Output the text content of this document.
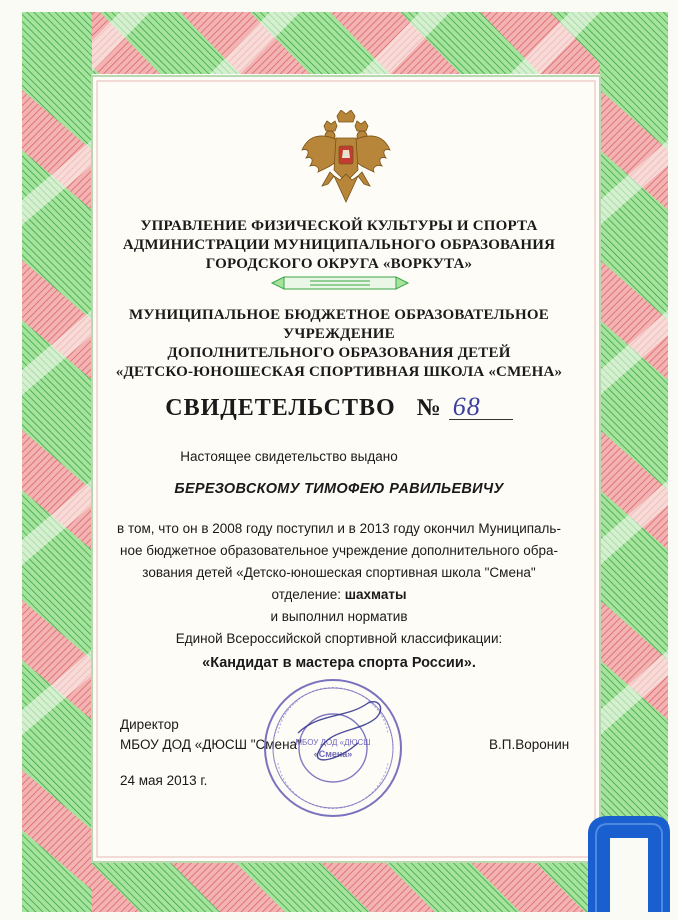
УПРАВЛЕНИЕ ФИЗИЧЕСКОЙ КУЛЬТУРЫ И СПОРТА
АДМИНИСТРАЦИИ МУНИЦИПАЛЬНОГО ОБРАЗОВАНИЯ
ГОРОДСКОГО ОКРУГА «ВОРКУТА»
МУНИЦИПАЛЬНОЕ БЮДЖЕТНОЕ ОБРАЗОВАТЕЛЬНОЕ
УЧРЕЖДЕНИЕ
ДОПОЛНИТЕЛЬНОГО ОБРАЗОВАНИЯ ДЕТЕЙ
«ДЕТСКО-ЮНОШЕСКАЯ СПОРТИВНАЯ ШКОЛА «СМЕНА»
СВИДЕТЕЛЬСТВО № 68
Настоящее свидетельство выдано
БЕРЕЗОВСКОМУ ТИМОФЕЮ РАВИЛЬЕВИЧУ
в том, что он в 2008 году поступил и в 2013 году окончил Муниципаль-
ное бюджетное образовательное учреждение дополнительного обра-
зования детей «Детско-юношеская спортивная школа "Смена"
отделение: шахматы
и выполнил норматив
Единой Всероссийской спортивной классификации:
«Кандидат в мастера спорта России».
Директор
МБОУ ДОД «ДЮСШ "Смена"	В.П.Воронин
24 мая 2013 г.
МБОУ ДОД «ДЮСШ
«Смена»
